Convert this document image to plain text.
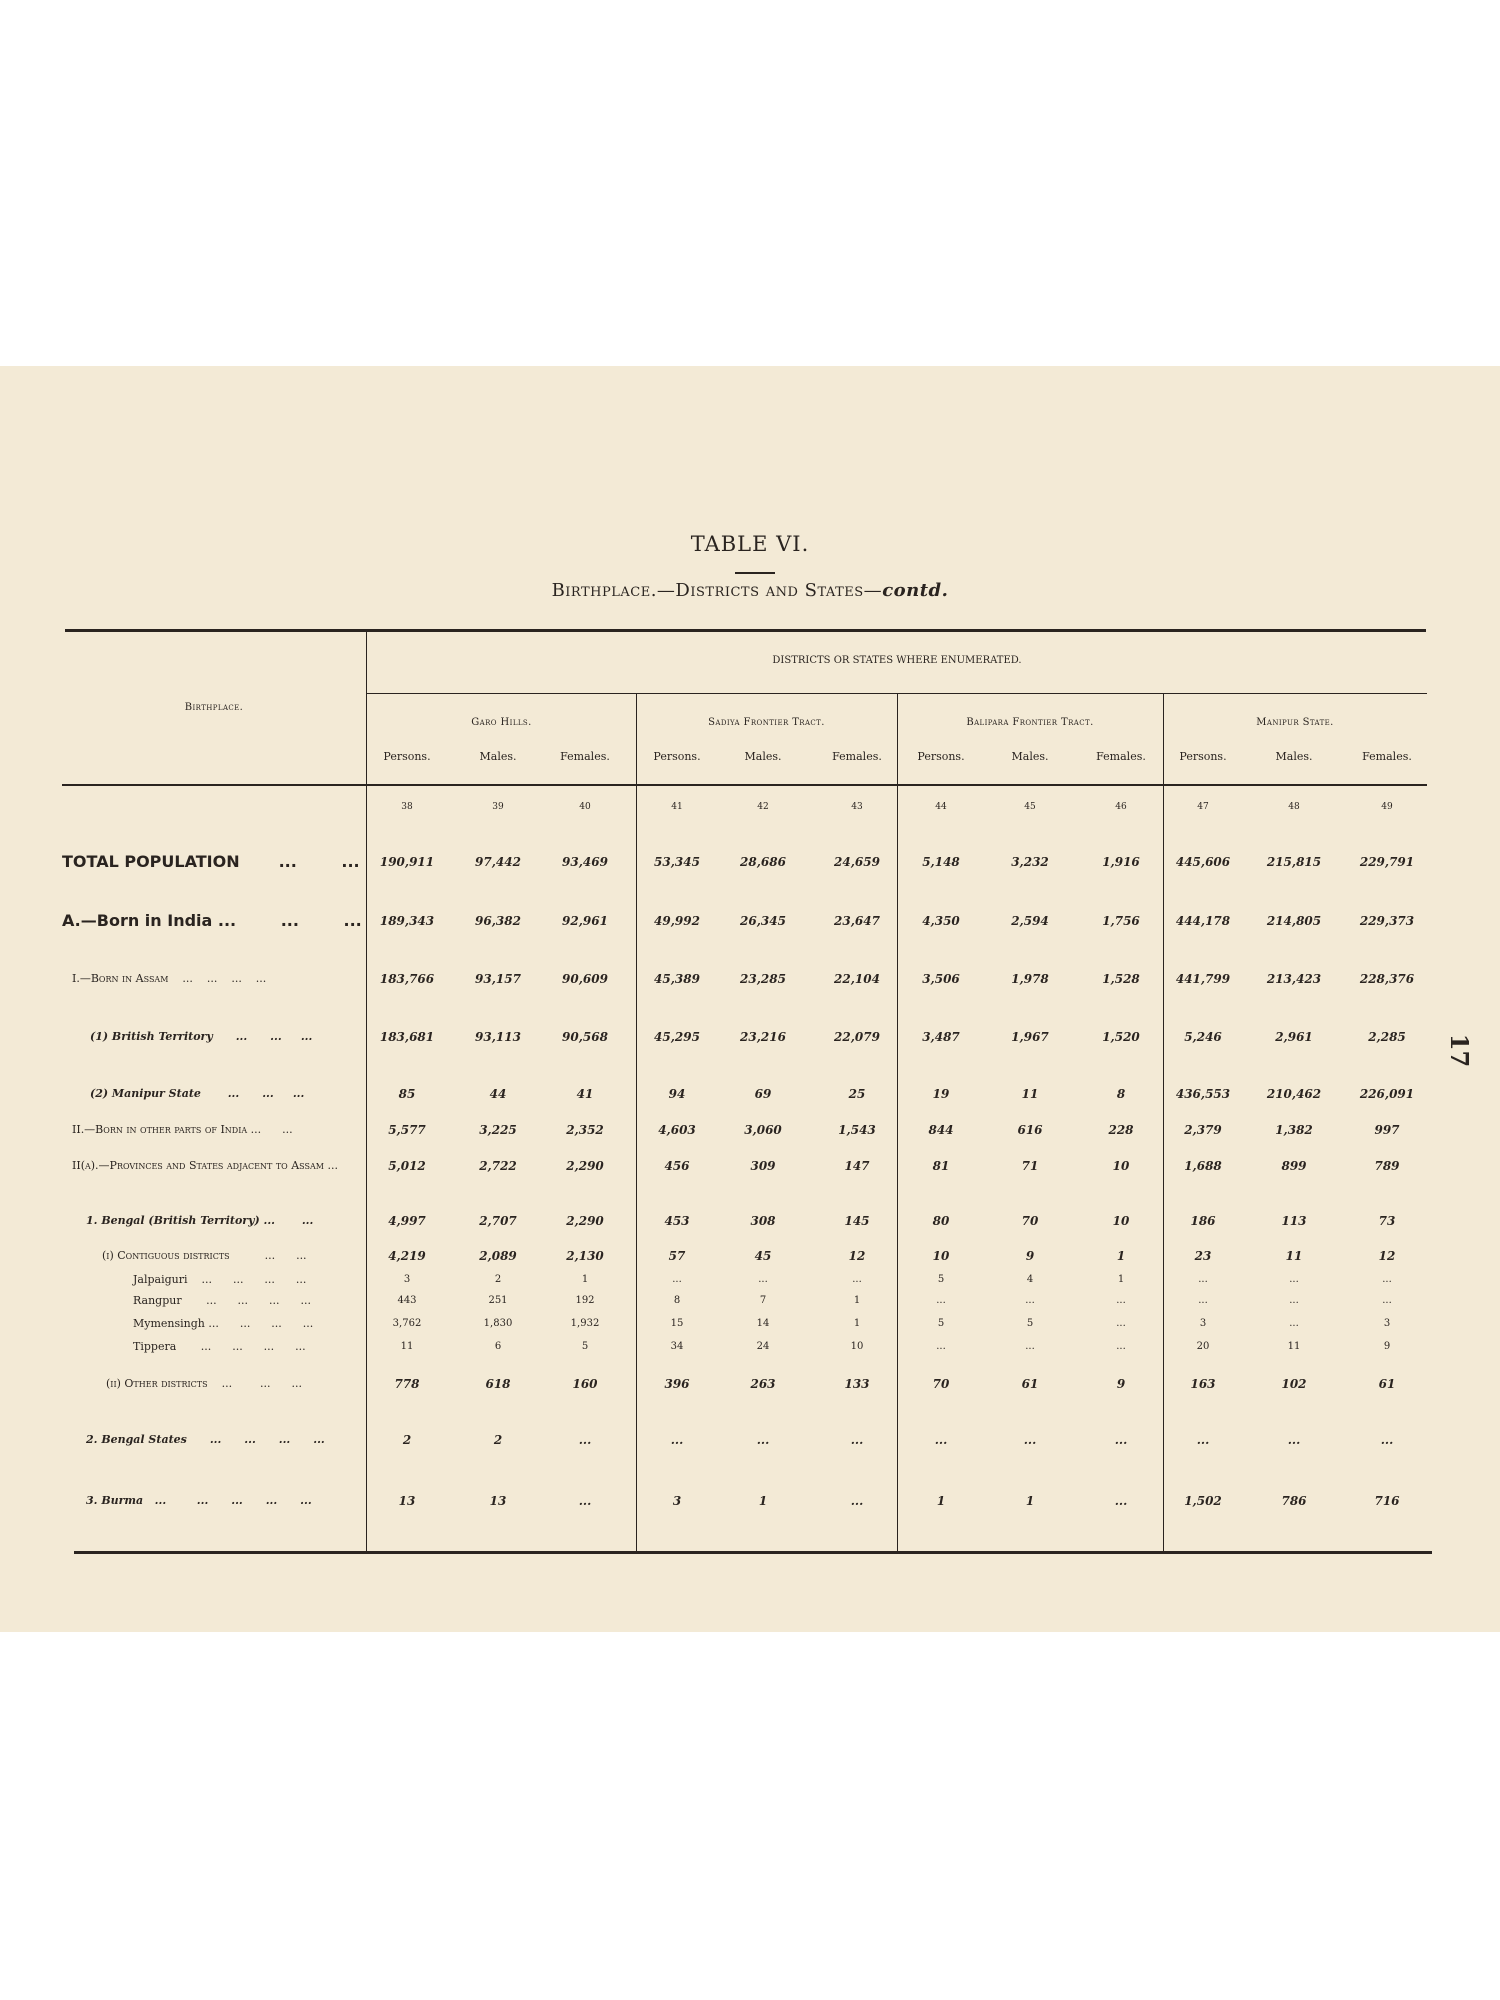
TABLE VI.
Birthplace.—Districts and States—contd.
Birthplace.
DISTRICTS OR STATES WHERE ENUMERATED.
Garo Hills.	Sadiya Frontier Tract.	Balipara Frontier Tract.	Manipur State.
Persons.	Males.	Females.	Persons.	Males.	Females.	Persons.	Males.	Females.	Persons.	Males.	Females.
38	39	40	41	42	43	44	45	46	47	48	49
TOTAL POPULATION       ...        ...	190,911	97,442	93,469	53,345	28,686	24,659	5,148	3,232	1,916	445,606	215,815	229,791
A.—Born in India ...        ...        ...	189,343	96,382	92,961	49,992	26,345	23,647	4,350	2,594	1,756	444,178	214,805	229,373
I.—Born in Assam    ...    ...    ...    ...	183,766	93,157	90,609	45,389	23,285	22,104	3,506	1,978	1,528	441,799	213,423	228,376
(1) British Territory      ...      ...     ...	183,681	93,113	90,568	45,295	23,216	22,079	3,487	1,967	1,520	5,246	2,961	2,285
(2) Manipur State       ...      ...     ...	85	44	41	94	69	25	19	11	8	436,553	210,462	226,091
II.—Born in other parts of India ...      ...	5,577	3,225	2,352	4,603	3,060	1,543	844	616	228	2,379	1,382	997
II(a).—Provinces and States adjacent to Assam ...	5,012	2,722	2,290	456	309	147	81	71	10	1,688	899	789
1. Bengal (British Territory) ...       ...	4,997	2,707	2,290	453	308	145	80	70	10	186	113	73
(i) Contiguous districts          ...      ...	4,219	2,089	2,130	57	45	12	10	9	1	23	11	12
Jalpaiguri    ...      ...      ...      ...	3	2	1	...	...	...	5	4	1	...	...	...
Rangpur       ...      ...      ...      ...	443	251	192	8	7	1	...	...	...	...	...	...
Mymensingh ...      ...      ...      ...	3,762	1,830	1,932	15	14	1	5	5	...	3	...	3
Tippera       ...      ...      ...      ...	11	6	5	34	24	10	...	...	...	20	11	9
(ii) Other districts    ...        ...      ...	778	618	160	396	263	133	70	61	9	163	102	61
2. Bengal States      ...      ...      ...      ...	2	2	...	...	...	...	...	...	...	...	...	...
3. Burma   ...        ...      ...      ...      ...	13	13	...	3	1	...	1	1	...	1,502	786	716
17
